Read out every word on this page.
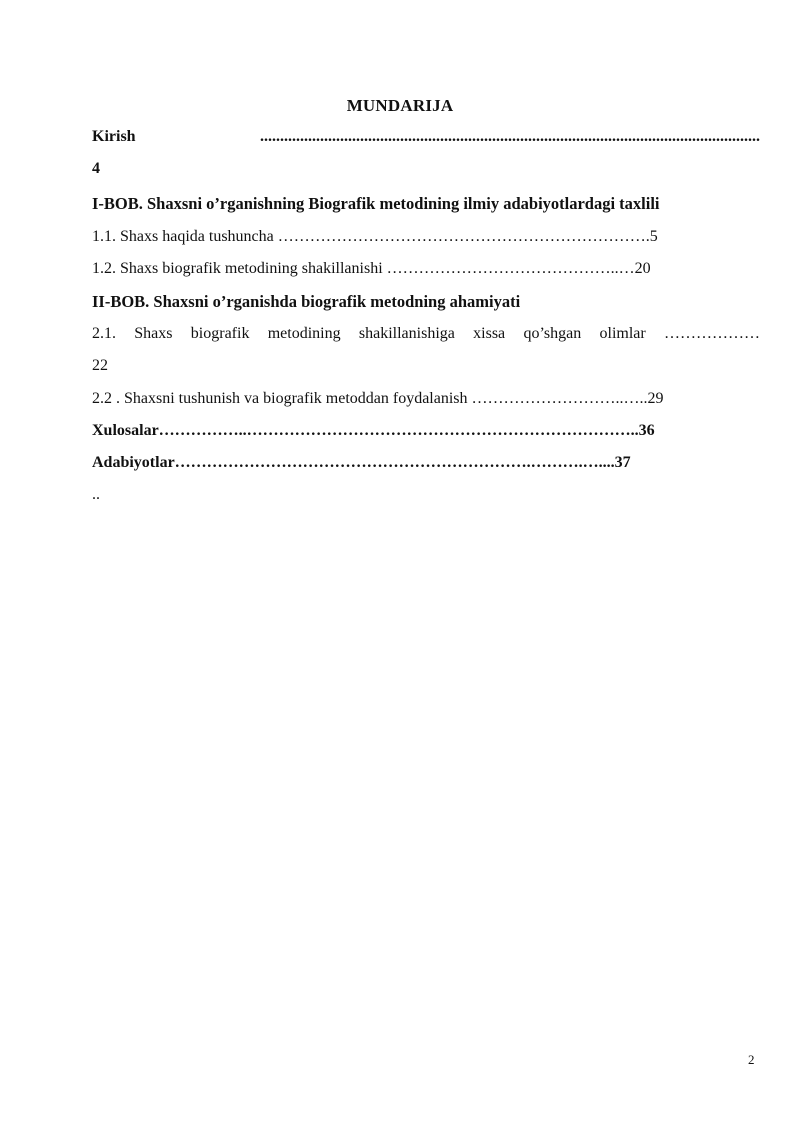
MUNDARIJA
Kirish .............................................................................................................................
4
I-BOB. Shaxsni o’rganishning Biografik metodining ilmiy adabiyotlardagi taxlili
1.1. Shaxs haqida tushuncha …………………………………………………………….5
1.2. Shaxs biografik metodining shakillanishi ……………………………………..…20
II-BOB. Shaxsni o’rganishda biografik metodning ahamiyati
2.1. Shaxs biografik metodining shakillanishiga xissa qo’shgan olimlar ………………
22
2.2 . Shaxsni tushunish va biografik metoddan foydalanish ………………………..…..29
Xulosalar……………..………………………………………………………………..36
Adabiyotlar………………………………………………………….……….…....37
..
2
